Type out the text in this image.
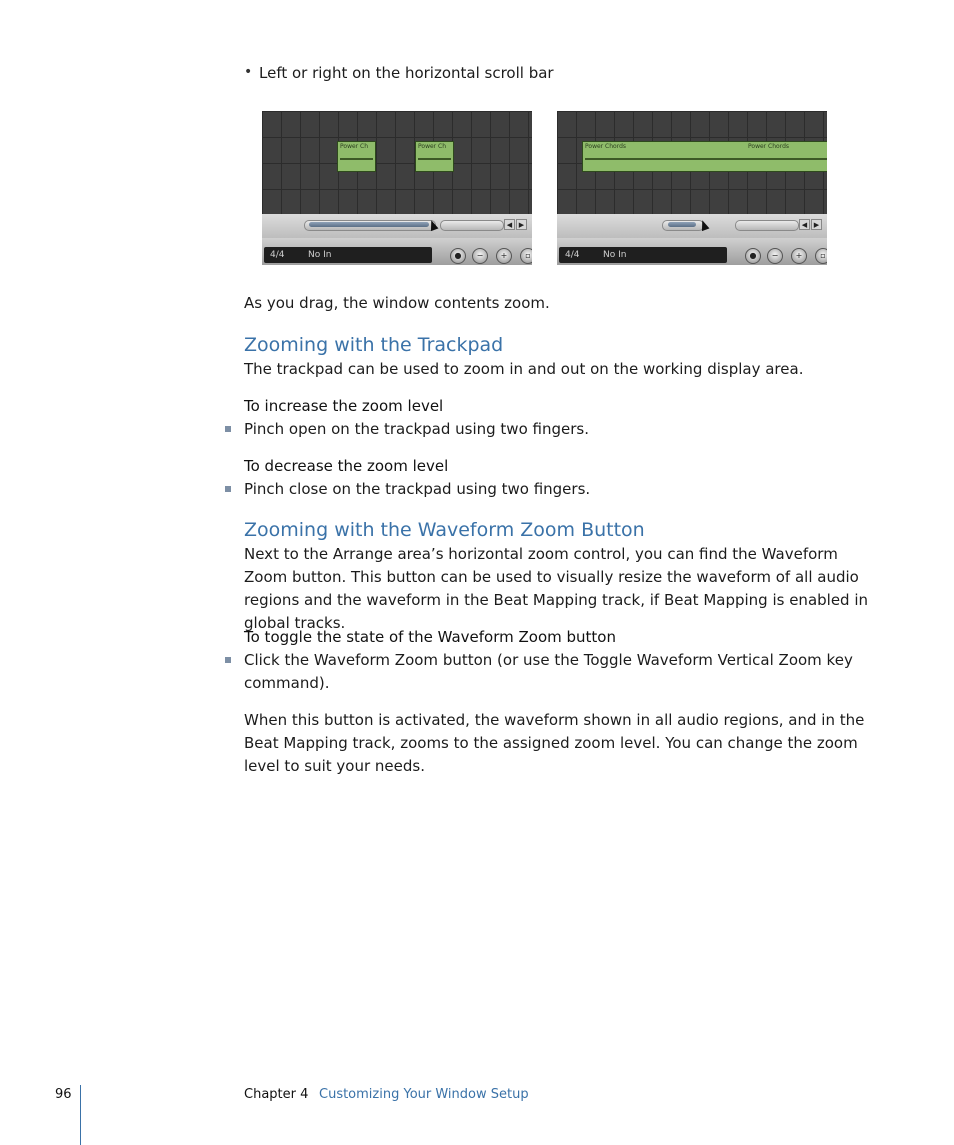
• Left or right on the horizontal scroll bar
Power Ch	Power Ch
◀ ▶
4/4	No In	●	−	+	▫
Power Chords	Power Chords
◀ ▶
4/4	No In	●	−	+	▫
As you drag, the window contents zoom.
Zooming with the Trackpad
The trackpad can be used to zoom in and out on the working display area.
To increase the zoom level
Pinch open on the trackpad using two fingers.
To decrease the zoom level
Pinch close on the trackpad using two fingers.
Zooming with the Waveform Zoom Button
Next to the Arrange area’s horizontal zoom control, you can find the Waveform Zoom button. This button can be used to visually resize the waveform of all audio regions and the waveform in the Beat Mapping track, if Beat Mapping is enabled in global tracks.
To toggle the state of the Waveform Zoom button
Click the Waveform Zoom button (or use the Toggle Waveform Vertical Zoom key command).
When this button is activated, the waveform shown in all audio regions, and in the Beat Mapping track, zooms to the assigned zoom level. You can change the zoom level to suit your needs.
96	Chapter 4 Customizing Your Window Setup
